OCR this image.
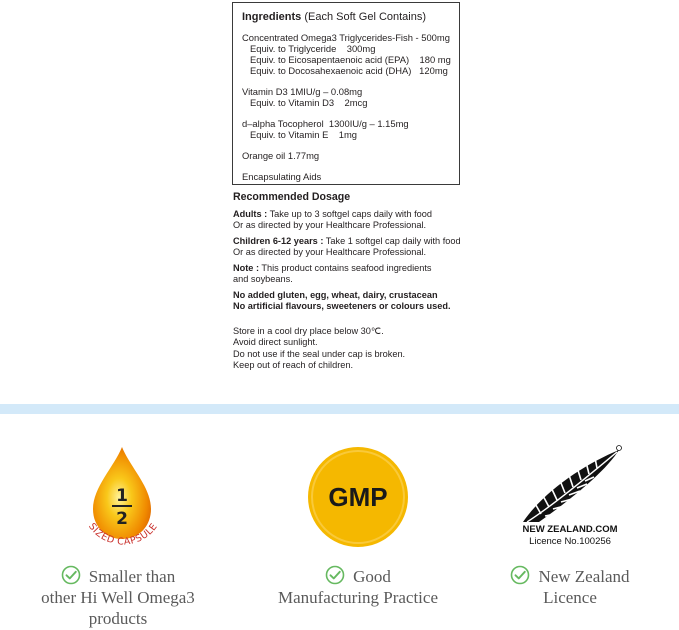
Ingredients (Each Soft Gel Contains)
Concentrated Omega3 Triglycerides-Fish - 500mg
Equiv. to Triglyceride    300mg
Equiv. to Eicosapentaenoic acid (EPA)    180 mg
Equiv. to Docosahexaenoic acid (DHA)   120mg
Vitamin D3 1MIU/g – 0.08mg
Equiv. to Vitamin D3    2mcg
d–alpha Tocopherol  1300IU/g – 1.15mg
Equiv. to Vitamin E    1mg
Orange oil 1.77mg
Encapsulating Aids
Recommended Dosage
Adults : Take up to 3 softgel caps daily with food
Or as directed by your Healthcare Professional.
Children 6-12 years : Take 1 softgel cap daily with food
Or as directed by your Healthcare Professional.
Note : This product contains seafood ingredients
and soybeans.
No added gluten, egg, wheat, dairy, crustacean
No artificial flavours, sweeteners or colours used.
Store in a cool dry place below 30℃.
Avoid direct sunlight.
Do not use if the seal under cap is broken.
Keep out of reach of children.
1
2
SIZED CAPSULE
Smaller than
other Hi Well Omega3
products
GMP
Good
Manufacturing Practice
NEW ZEALAND.COM
Licence No.100256
New Zealand
Licence
